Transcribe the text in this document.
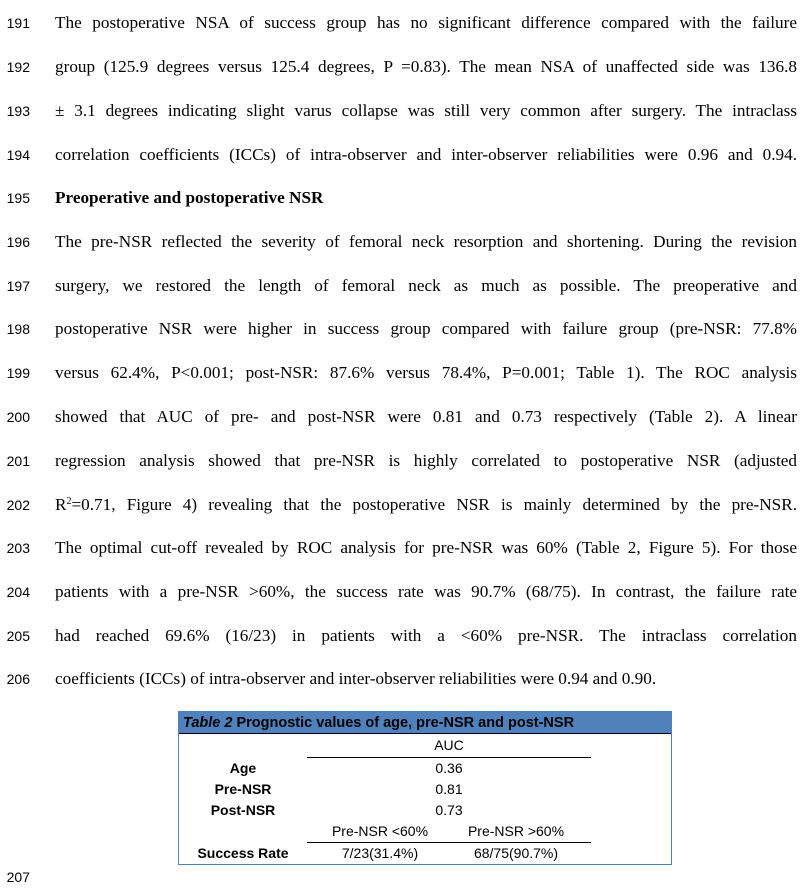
191 The postoperative NSA of success group has no significant difference compared with the failure
192 group (125.9 degrees versus 125.4 degrees, P =0.83). The mean NSA of unaffected side was 136.8
193 ± 3.1 degrees indicating slight varus collapse was still very common after surgery. The intraclass
194 correlation coefficients (ICCs) of intra-observer and inter-observer reliabilities were 0.96 and 0.94.
195 Preoperative and postoperative NSR
196 The pre-NSR reflected the severity of femoral neck resorption and shortening. During the revision
197 surgery, we restored the length of femoral neck as much as possible. The preoperative and
198 postoperative NSR were higher in success group compared with failure group (pre-NSR: 77.8%
199 versus 62.4%, P<0.001; post-NSR: 87.6% versus 78.4%, P=0.001; Table 1). The ROC analysis
200 showed that AUC of pre- and post-NSR were 0.81 and 0.73 respectively (Table 2). A linear
201 regression analysis showed that pre-NSR is highly correlated to postoperative NSR (adjusted
202 $R^2=0.71$, Figure 4) revealing that the postoperative NSR is mainly determined by the pre-NSR.
203 The optimal cut-off revealed by ROC analysis for pre-NSR was 60% (Table 2, Figure 5). For those
204 patients with a pre-NSR >60%, the success rate was 90.7% (68/75). In contrast, the failure rate
205 had reached 69.6% (16/23) in patients with a <60% pre-NSR. The intraclass correlation
206 coefficients (ICCs) of intra-observer and inter-observer reliabilities were 0.94 and 0.90.
Table 2 Prognostic values of age, pre-NSR and post-NSR
AUC
Age	0.36
Pre-NSR	0.81
Post-NSR	0.73
Pre-NSR <60%	Pre-NSR >60%
Success Rate	7/23(31.4%)	68/75(90.7%)
207
